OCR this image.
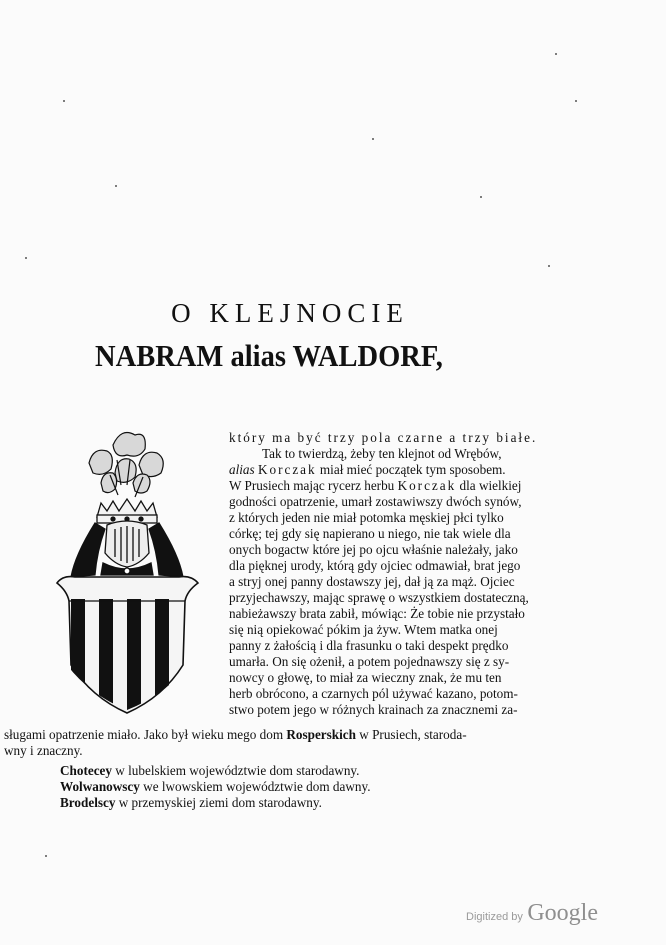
O KLEJNOCIE
NABRAM alias WALDORF,
który ma być trzy pola czarne a trzy białe.
Tak to twierdzą, żeby ten klejnot od Wrębów,
alias Korczak miał mieć początek tym sposobem.
W Prusiech mając rycerz herbu Korczak dla wielkiej
godności opatrzenie, umarł zostawiwszy dwóch synów,
z których jeden nie miał potomka męskiej płci tylko
córkę; tej gdy się napierano u niego, nie tak wiele dla
onych bogactw które jej po ojcu właśnie należały, jako
dla pięknej urody, którą gdy ojciec odmawiał, brat jego
a stryj onej panny dostawszy jej, dał ją za mąż. Ojciec
przyjechawszy, mając sprawę o wszystkiem dostateczną,
nabieżawszy brata zabił, mówiąc: Że tobie nie przystało
się nią opiekować pókim ja żyw. Wtem matka onej
panny z żałością i dla frasunku o taki despekt prędko
umarła. On się ożenił, a potem pojednawszy się z sy-
nowcy o głowę, to miał za wieczny znak, że mu ten
herb obrócono, a czarnych pól używać kazano, potom-
stwo potem jego w różnych krainach za znacznemi za-
sługami opatrzenie miało. Jako był wieku mego dom Rosperskich w Prusiech, staroda-
wny i znaczny.
Chotecey w lubelskiem województwie dom starodawny.
Wolwanowscy we lwowskiem województwie dom dawny.
Brodelscy w przemyskiej ziemi dom starodawny.
Digitized by Google
